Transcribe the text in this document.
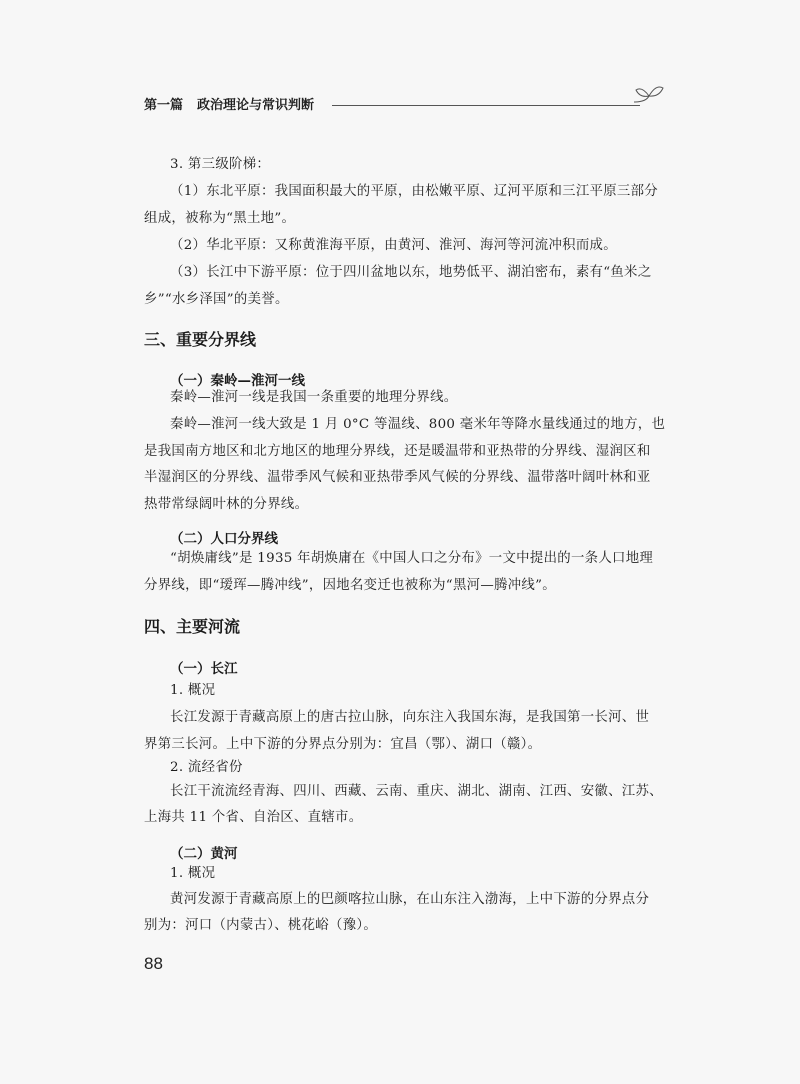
第一篇 政治理论与常识判断
3. 第三级阶梯：
（1）东北平原：我国面积最大的平原，由松嫩平原、辽河平原和三江平原三部分
组成，被称为“黑土地”。
（2）华北平原：又称黄淮海平原，由黄河、淮河、海河等河流冲积而成。
（3）长江中下游平原：位于四川盆地以东，地势低平、湖泊密布，素有“鱼米之
乡”“水乡泽国”的美誉。
三、重要分界线
（一）秦岭—淮河一线
秦岭—淮河一线是我国一条重要的地理分界线。
秦岭—淮河一线大致是 1 月 0°C 等温线、800 毫米年等降水量线通过的地方，也
是我国南方地区和北方地区的地理分界线，还是暖温带和亚热带的分界线、湿润区和
半湿润区的分界线、温带季风气候和亚热带季风气候的分界线、温带落叶阔叶林和亚
热带常绿阔叶林的分界线。
（二）人口分界线
“胡焕庸线”是 1935 年胡焕庸在《中国人口之分布》一文中提出的一条人口地理
分界线，即“瑷珲—腾冲线”，因地名变迁也被称为“黑河—腾冲线”。
四、主要河流
（一）长江
1. 概况
长江发源于青藏高原上的唐古拉山脉，向东注入我国东海，是我国第一长河、世
界第三长河。上中下游的分界点分别为：宜昌（鄂）、湖口（赣）。
2. 流经省份
长江干流流经青海、四川、西藏、云南、重庆、湖北、湖南、江西、安徽、江苏、
上海共 11 个省、自治区、直辖市。
（二）黄河
1. 概况
黄河发源于青藏高原上的巴颜喀拉山脉，在山东注入渤海，上中下游的分界点分
别为：河口（内蒙古）、桃花峪（豫）。
88
